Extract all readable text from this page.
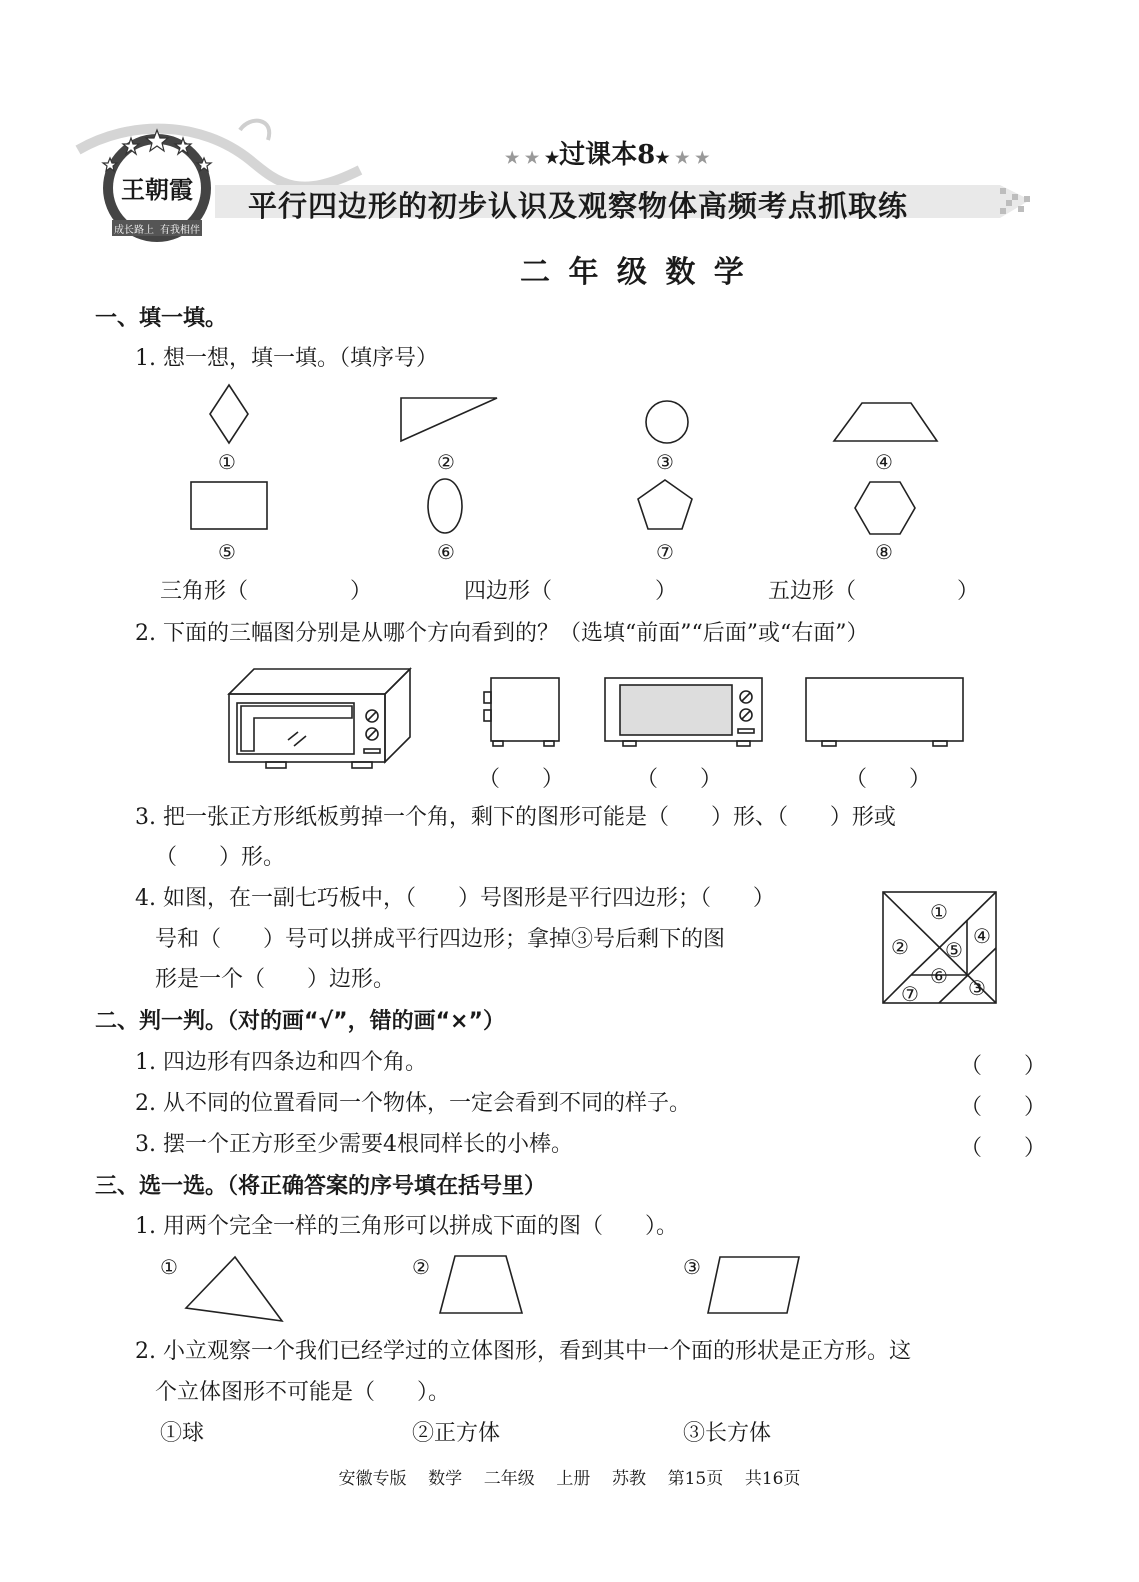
王朝霞
成长路上 有我相伴
★ ★ ★过课本8★ ★ ★
平行四边形的初步认识及观察物体高频考点抓取练
二 年 级 数 学
一、填一填。
1. 想一想，填一填。（填序号）
①	②	③	④
⑤	⑥	⑦	⑧
三角形（	）	四边形（	）	五边形（	）
2. 下面的三幅图分别是从哪个方向看到的？（选填“前面”“后面”或“右面”）
（      ）	（      ）	（      ）
3. 把一张正方形纸板剪掉一个角，剩下的图形可能是（      ）形、（      ）形或
（      ）形。
4. 如图，在一副七巧板中，（      ）号图形是平行四边形；（      ）
号和（      ）号可以拼成平行四边形；拿掉③号后剩下的图
形是一个（      ）边形。
①
②
③
④
⑤
⑥
⑦
二、判一判。（对的画“√”，错的画“×”）
1. 四边形有四条边和四个角。	（      ）
2. 从不同的位置看同一个物体，一定会看到不同的样子。	（      ）
3. 摆一个正方形至少需要4根同样长的小棒。	（      ）
三、选一选。（将正确答案的序号填在括号里）
1. 用两个完全一样的三角形可以拼成下面的图（      ）。
①	②	③
2. 小立观察一个我们已经学过的立体图形，看到其中一个面的形状是正方形。这
个立体图形不可能是（      ）。
①球	②正方体	③长方体
安徽专版    数学    二年级    上册    苏教    第15页    共16页
